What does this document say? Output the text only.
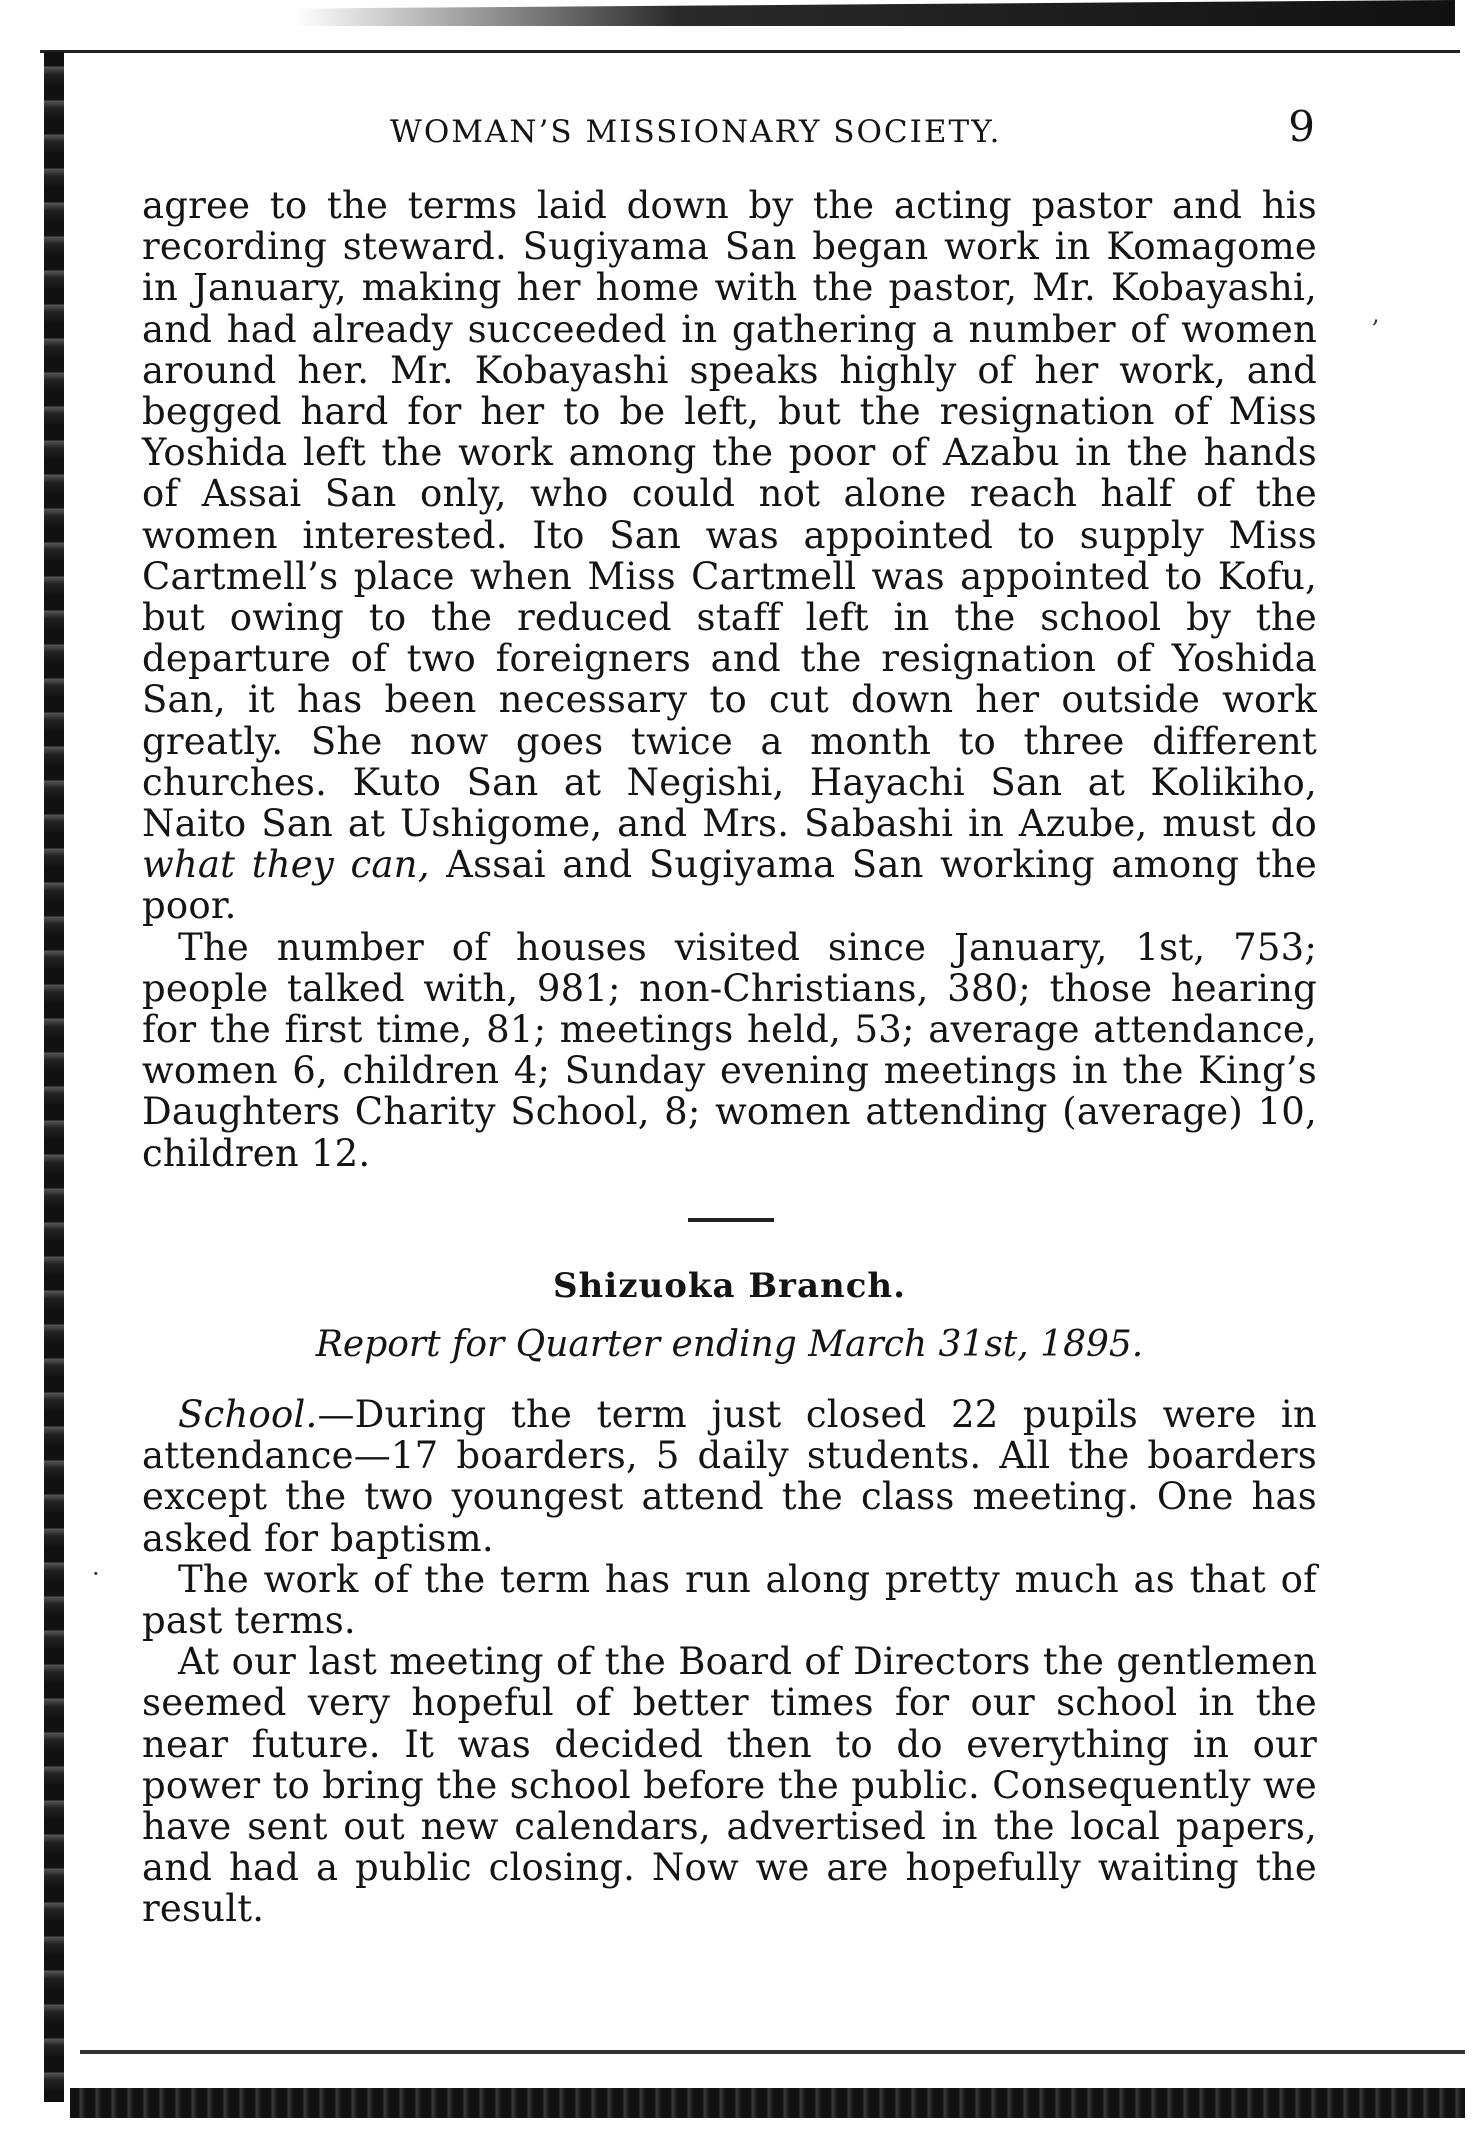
,
·
WOMAN’S MISSIONARY SOCIETY.	9

agree to the terms laid down by the acting pastor and his recording steward. Sugiyama San began work in Komagome in January, making her home with the pastor, Mr. Kobayashi, and had already succeeded in gathering a number of women around her. Mr. Kobayashi speaks highly of her work, and begged hard for her to be left, but the resignation of Miss Yoshida left the work among the poor of Azabu in the hands of Assai San only, who could not alone reach half of the women interested. Ito San was appointed to supply Miss Cartmell’s place when Miss Cartmell was appointed to Kofu, but owing to the reduced staff left in the school by the departure of two foreigners and the resignation of Yoshida San, it has been necessary to cut down her outside work greatly. She now goes twice a month to three different churches. Kuto San at Negishi, Hayachi San at Kolikiho, Naito San at Ushigome, and Mrs. Sabashi in Azube, must do what they can, Assai and Sugiyama San working among the poor.

The number of houses visited since January, 1st, 753; people talked with, 981; non-Christians, 380; those hearing for the first time, 81; meetings held, 53; average attendance, women 6, children 4; Sunday evening meetings in the King’s Daughters Charity School, 8; women attending (average) 10, children 12.

Shizuoka Branch.
Report for Quarter ending March 31st, 1895.

School.—During the term just closed 22 pupils were in attendance—17 boarders, 5 daily students. All the boarders except the two youngest attend the class meeting. One has asked for baptism.

The work of the term has run along pretty much as that of past terms.

At our last meeting of the Board of Directors the gentlemen seemed very hopeful of better times for our school in the near future. It was decided then to do everything in our power to bring the school before the public. Consequently we have sent out new calendars, advertised in the local papers, and had a public closing. Now we are hopefully waiting the result.
